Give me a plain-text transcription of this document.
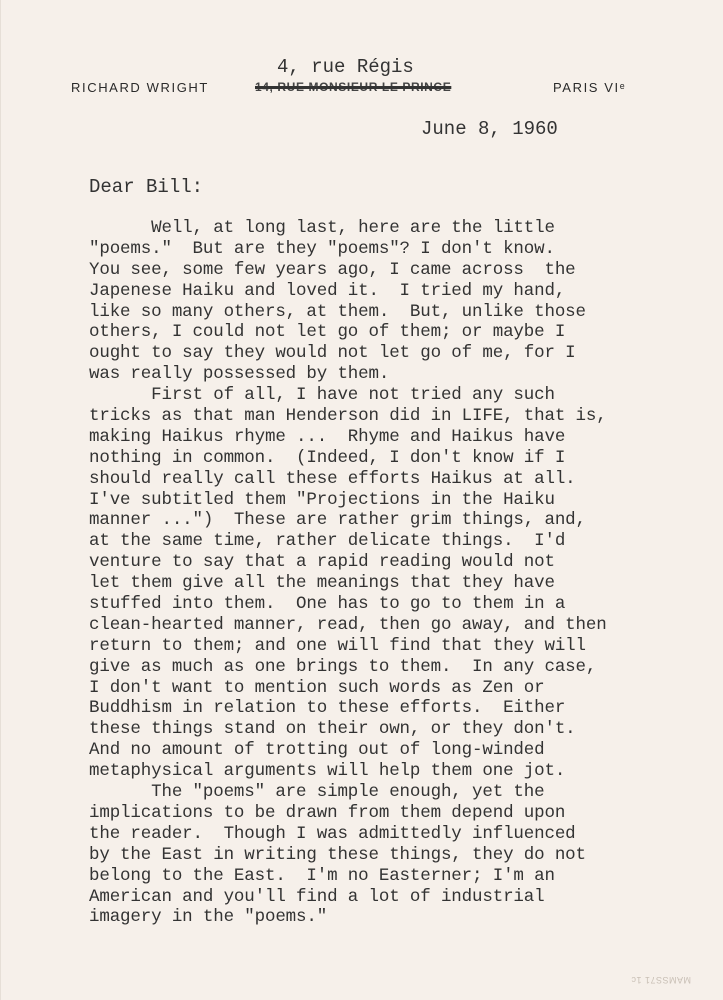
RICHARD WRIGHT
4, rue Régis
14, RUE MONSIEUR LE PRINCE	PARIS VIᵉ
June 8, 1960
Dear Bill:
Well, at long last, here are the little
"poems."  But are they "poems"? I don't know.
You see, some few years ago, I came across  the
Japenese Haiku and loved it.  I tried my hand,
like so many others, at them.  But, unlike those
others, I could not let go of them; or maybe I
ought to say they would not let go of me, for I
was really possessed by them.
First of all, I have not tried any such
tricks as that man Henderson did in LIFE, that is,
making Haikus rhyme ...  Rhyme and Haikus have
nothing in common.  (Indeed, I don't know if I
should really call these efforts Haikus at all.
I've subtitled them "Projections in the Haiku
manner ...")  These are rather grim things, and,
at the same time, rather delicate things.  I'd
venture to say that a rapid reading would not
let them give all the meanings that they have
stuffed into them.  One has to go to them in a
clean-hearted manner, read, then go away, and then
return to them; and one will find that they will
give as much as one brings to them.  In any case,
I don't want to mention such words as Zen or
Buddhism in relation to these efforts.  Either
these things stand on their own, or they don't.
And no amount of trotting out of long-winded
metaphysical arguments will help them one jot.
The "poems" are simple enough, yet the
implications to be drawn from them depend upon
the reader.  Though I was admittedly influenced
by the East in writing these things, they do not
belong to the East.  I'm no Easterner; I'm an
American and you'll find a lot of industrial
imagery in the "poems."
MAMSS71 1c
